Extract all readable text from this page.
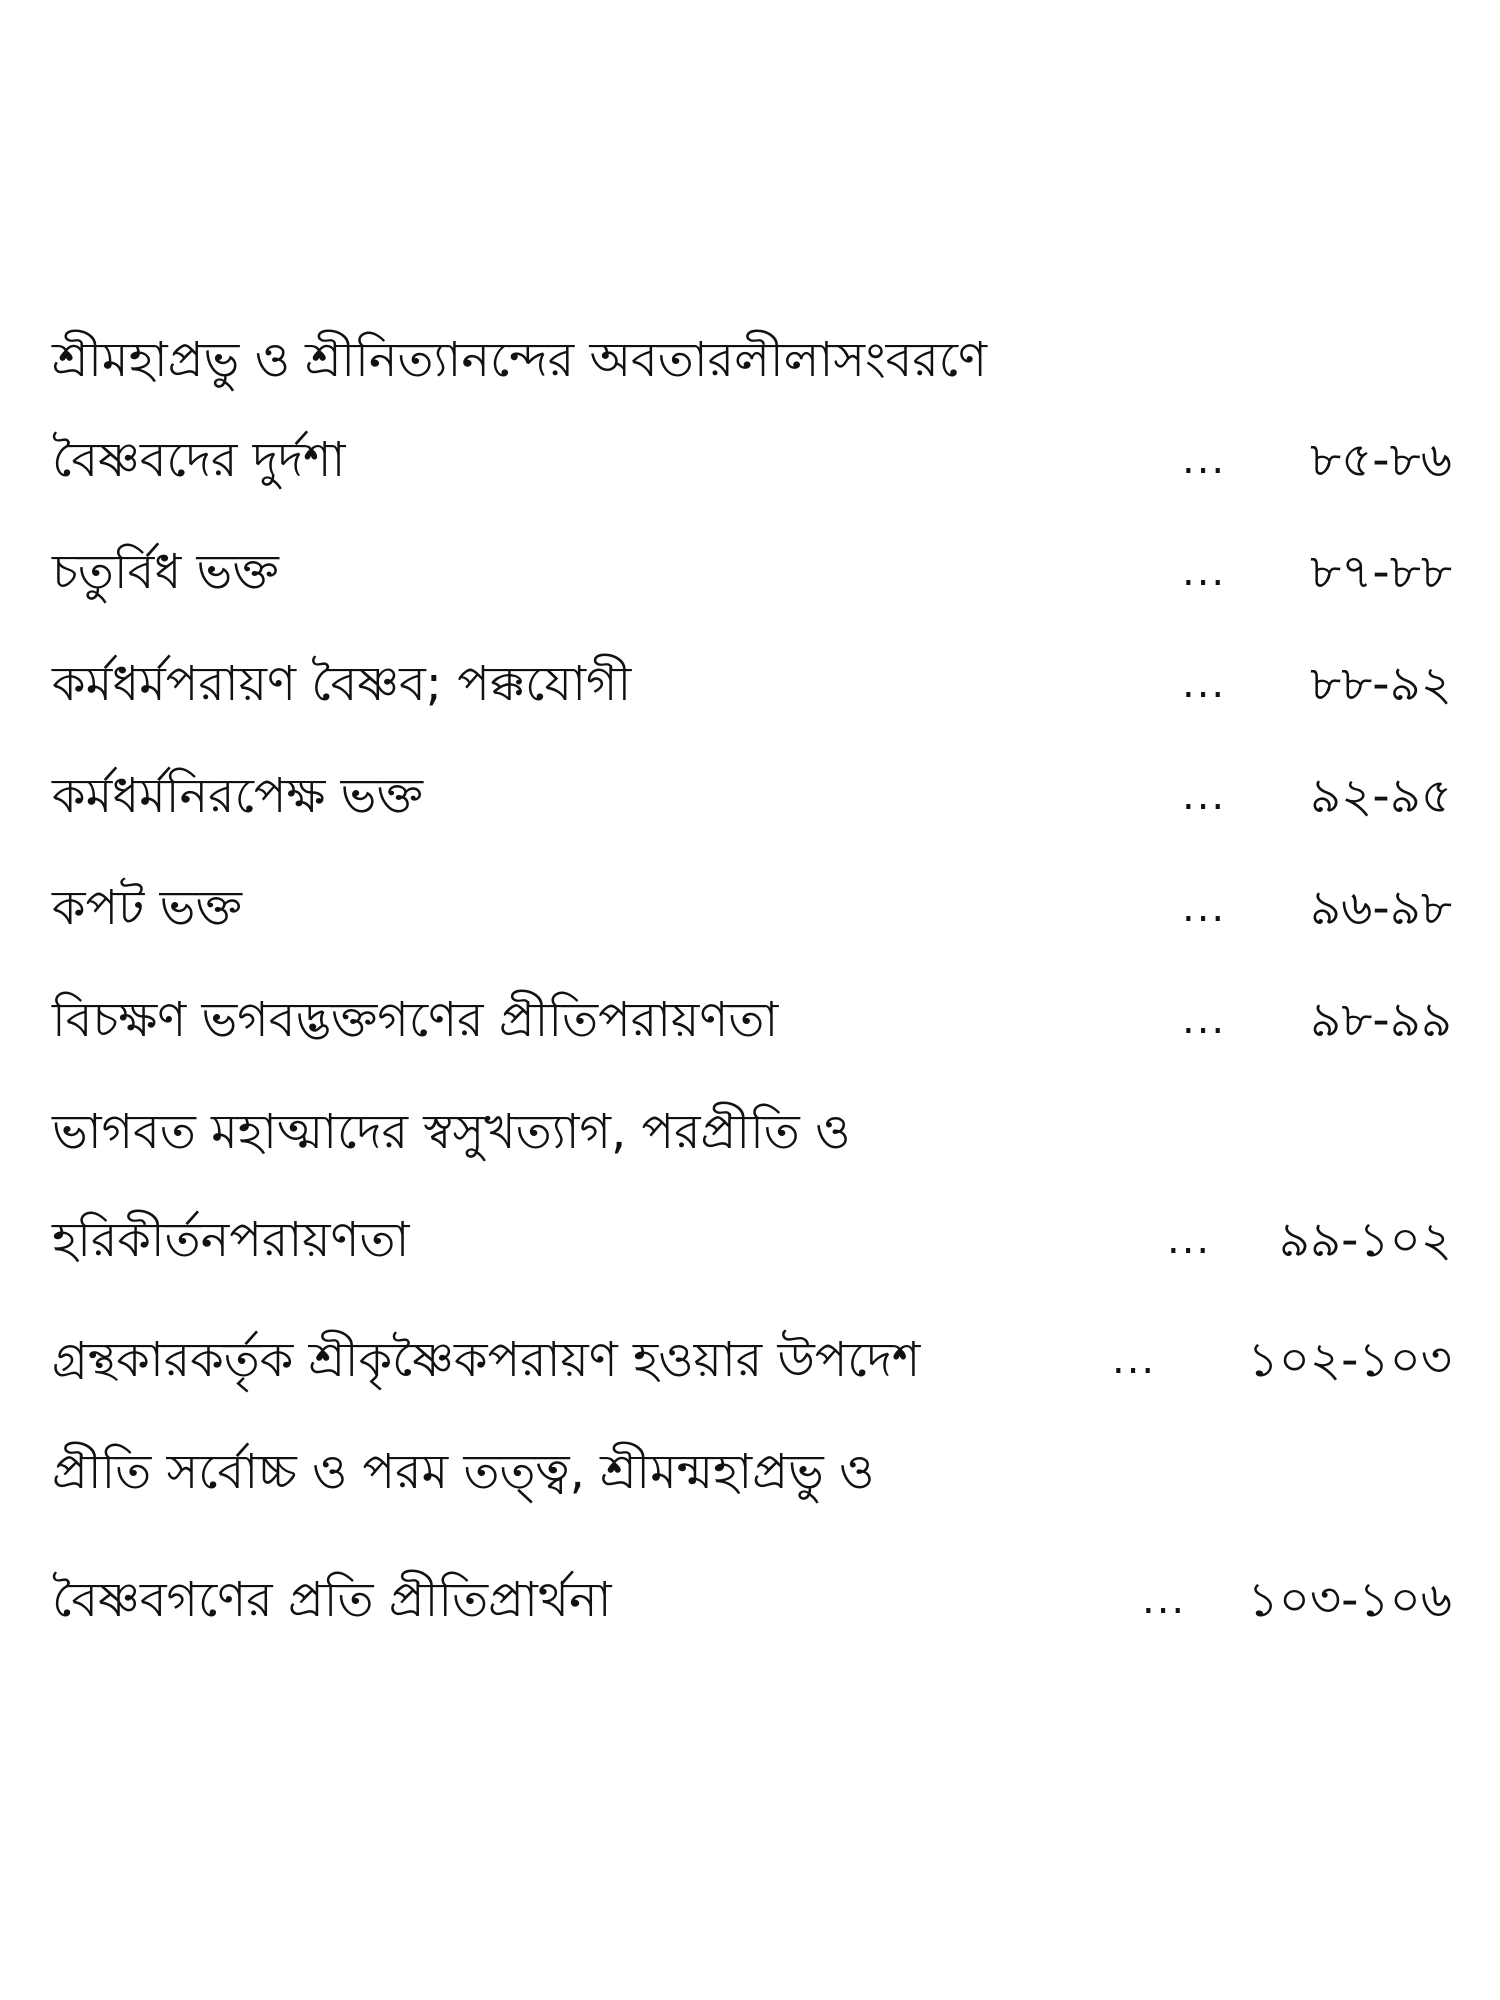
শ্রীমহাপ্রভু ও শ্রীনিত্যানন্দের অবতারলীলাসংবরণে
বৈষ্ণবদের দুর্দশা	... ৮৫-৮৬
চতুর্বিধ ভক্ত	... ৮৭-৮৮
কর্মধর্মপরায়ণ বৈষ্ণব; পক্কযোগী	... ৮৮-৯২
কর্মধর্মনিরপেক্ষ ভক্ত	... ৯২-৯৫
কপট ভক্ত	... ৯৬-৯৮
বিচক্ষণ ভগবদ্ভক্তগণের প্রীতিপরায়ণতা	... ৯৮-৯৯
ভাগবত মহাত্মাদের স্বসুখত্যাগ, পরপ্রীতি ও
হরিকীর্তনপরায়ণতা	... ৯৯-১০২
গ্রন্থকারকর্তৃক শ্রীকৃষ্ণৈকপরায়ণ হওয়ার উপদেশ	... ১০২-১০৩
প্রীতি সর্বোচ্চ ও পরম তত্ত্ব, শ্রীমন্মহাপ্রভু ও
বৈষ্ণবগণের প্রতি প্রীতিপ্রার্থনা	... ১০৩-১০৬
